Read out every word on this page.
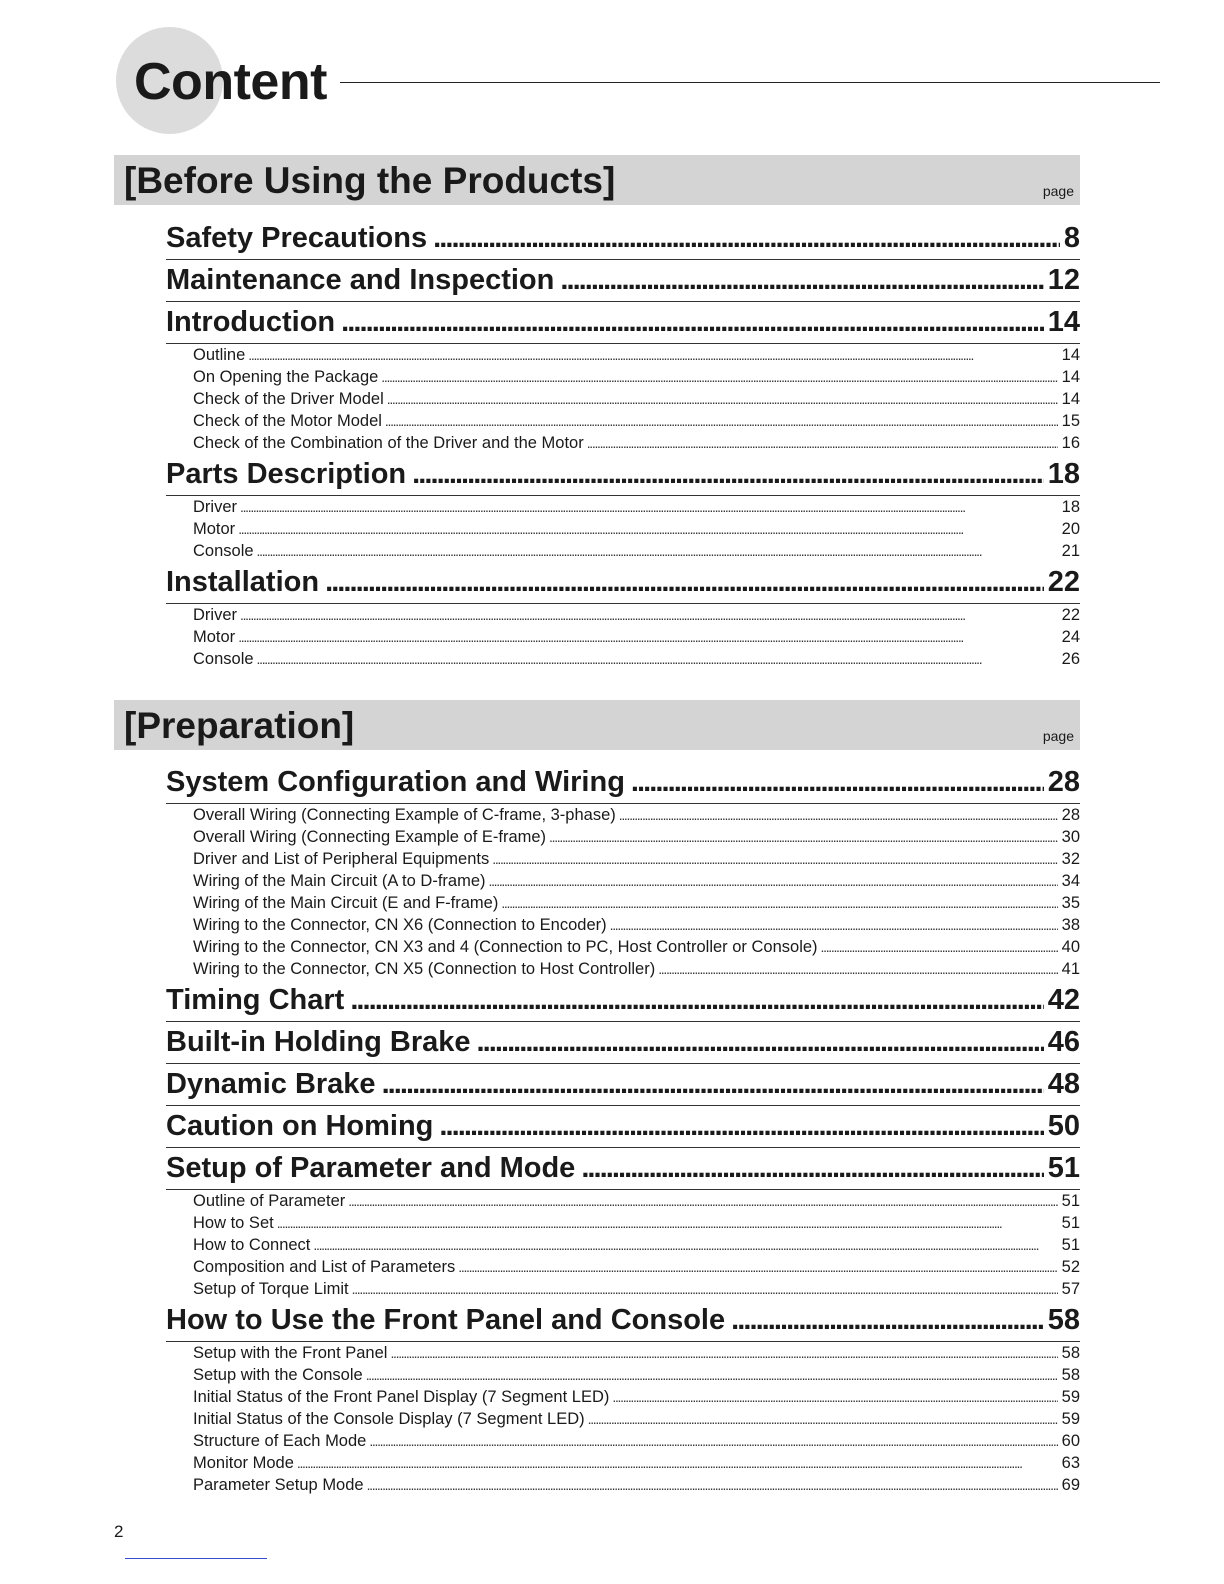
Content
[Before Using the Products]	page
Safety Precautions . . .	8
Maintenance and Inspection . . .	12
Introduction . . .	14
Outline . . .	14
On Opening the Package . . .	14
Check of the Driver Model . . .	14
Check of the Motor Model . . .	15
Check of the Combination of the Driver and the Motor . . .	16
Parts Description . . .	18
Driver . . .	18
Motor . . .	20
Console . . .	21
Installation . . .	22
Driver . . .	22
Motor . . .	24
Console . . .	26
[Preparation]	page
System Configuration and Wiring . . .	28
Overall Wiring (Connecting Example of C-frame, 3-phase) . . .	28
Overall Wiring (Connecting Example of E-frame) . . .	30
Driver and List of Peripheral Equipments . . .	32
Wiring of the Main Circuit (A to D-frame) . . .	34
Wiring of the Main Circuit (E and F-frame) . . .	35
Wiring to the Connector, CN X6 (Connection to Encoder) . . .	38
Wiring to the Connector, CN X3 and 4 (Connection to PC, Host Controller or Console) . . .	40
Wiring to the Connector, CN X5 (Connection to Host Controller) . . .	41
Timing Chart . . .	42
Built-in Holding Brake . . .	46
Dynamic Brake . . .	48
Caution on Homing . . .	50
Setup of Parameter and Mode . . .	51
Outline of Parameter . . .	51
How to Set . . .	51
How to Connect . . .	51
Composition and List of Parameters . . .	52
Setup of Torque Limit . . .	57
How to Use the Front Panel and Console . . .	58
Setup with the Front Panel . . .	58
Setup with the Console . . .	58
Initial Status of the Front Panel Display (7 Segment LED) . . .	59
Initial Status of the Console Display (7 Segment LED) . . .	59
Structure of Each Mode . . .	60
Monitor Mode . . .	63
Parameter Setup Mode . . .	69
2
